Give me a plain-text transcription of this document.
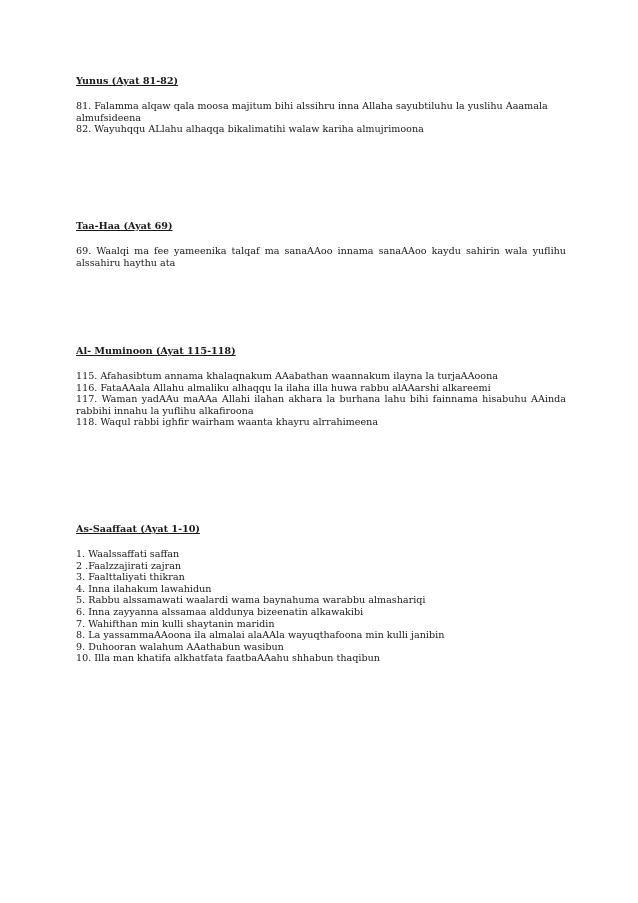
Yunus (Ayat 81-82)

81. Falamma alqaw qala moosa majitum bihi alssihru inna Allaha sayubtiluhu la yuslihu Aaamala almufsideena
82. Wayuhqqu ALlahu alhaqqa bikalimatihi walaw kariha almujrimoona

Taa-Haa (Ayat 69)

69. Waalqi ma fee yameenika talqaf ma sanaAAoo innama sanaAAoo kaydu sahirin wala yuflihu alssahiru haythu ata

Al- Muminoon (Ayat 115-118)

115. Afahasibtum annama khalaqnakum AAabathan waannakum ilayna la turjaAAoona
116. FataAAala Allahu almaliku alhaqqu la ilaha illa huwa rabbu alAAarshi alkareemi
117. Waman yadAAu maAAa Allahi ilahan akhara la burhana lahu bihi fainnama hisabuhu AAinda rabbihi innahu la yuflihu alkafiroona
118. Waqul rabbi ighfir wairham waanta khayru alrrahimeena

As-Saaffaat (Ayat 1-10)

1. Waalssaffati saffan
2 .Faalzzajirati zajran
3. Faalttaliyati thikran
4. Inna ilahakum lawahidun
5. Rabbu alssamawati waalardi wama baynahuma warabbu almashariqi
6. Inna zayyanna alssamaa alddunya bizeenatin alkawakibi
7. Wahifthan min kulli shaytanin maridin
8. La yassammaAAoona ila almalai alaAAla wayuqthafoona min kulli janibin
9. Duhooran walahum AAathabun wasibun
10. Illa man khatifa alkhatfata faatbaAAahu shhabun thaqibun
